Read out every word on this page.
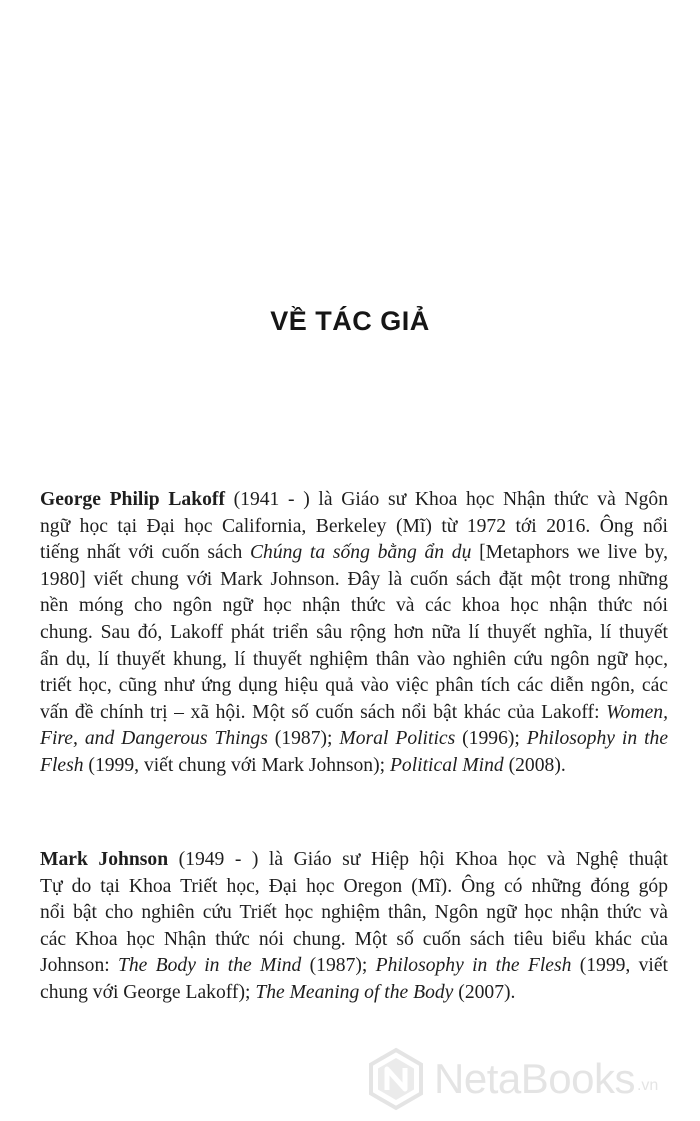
VỀ TÁC GIẢ
George Philip Lakoff (1941 - ) là Giáo sư Khoa học Nhận thức và Ngôn
ngữ học tại Đại học California, Berkeley (Mĩ) từ 1972 tới 2016. Ông nổi
tiếng nhất với cuốn sách Chúng ta sống bằng ẩn dụ [Metaphors we live by,
1980] viết chung với Mark Johnson. Đây là cuốn sách đặt một trong những
nền móng cho ngôn ngữ học nhận thức và các khoa học nhận thức nói
chung. Sau đó, Lakoff phát triển sâu rộng hơn nữa lí thuyết nghĩa, lí thuyết
ẩn dụ, lí thuyết khung, lí thuyết nghiệm thân vào nghiên cứu ngôn ngữ học,
triết học, cũng như ứng dụng hiệu quả vào việc phân tích các diễn ngôn, các
vấn đề chính trị – xã hội. Một số cuốn sách nổi bật khác của Lakoff: Women,
Fire, and Dangerous Things (1987); Moral Politics (1996); Philosophy in the
Flesh (1999, viết chung với Mark Johnson); Political Mind (2008).
Mark Johnson (1949 - ) là Giáo sư Hiệp hội Khoa học và Nghệ thuật
Tự do tại Khoa Triết học, Đại học Oregon (Mĩ). Ông có những đóng góp
nổi bật cho nghiên cứu Triết học nghiệm thân, Ngôn ngữ học nhận thức và
các Khoa học Nhận thức nói chung. Một số cuốn sách tiêu biểu khác của
Johnson: The Body in the Mind (1987); Philosophy in the Flesh (1999, viết
chung với George Lakoff); The Meaning of the Body (2007).
NetaBooks .vn
